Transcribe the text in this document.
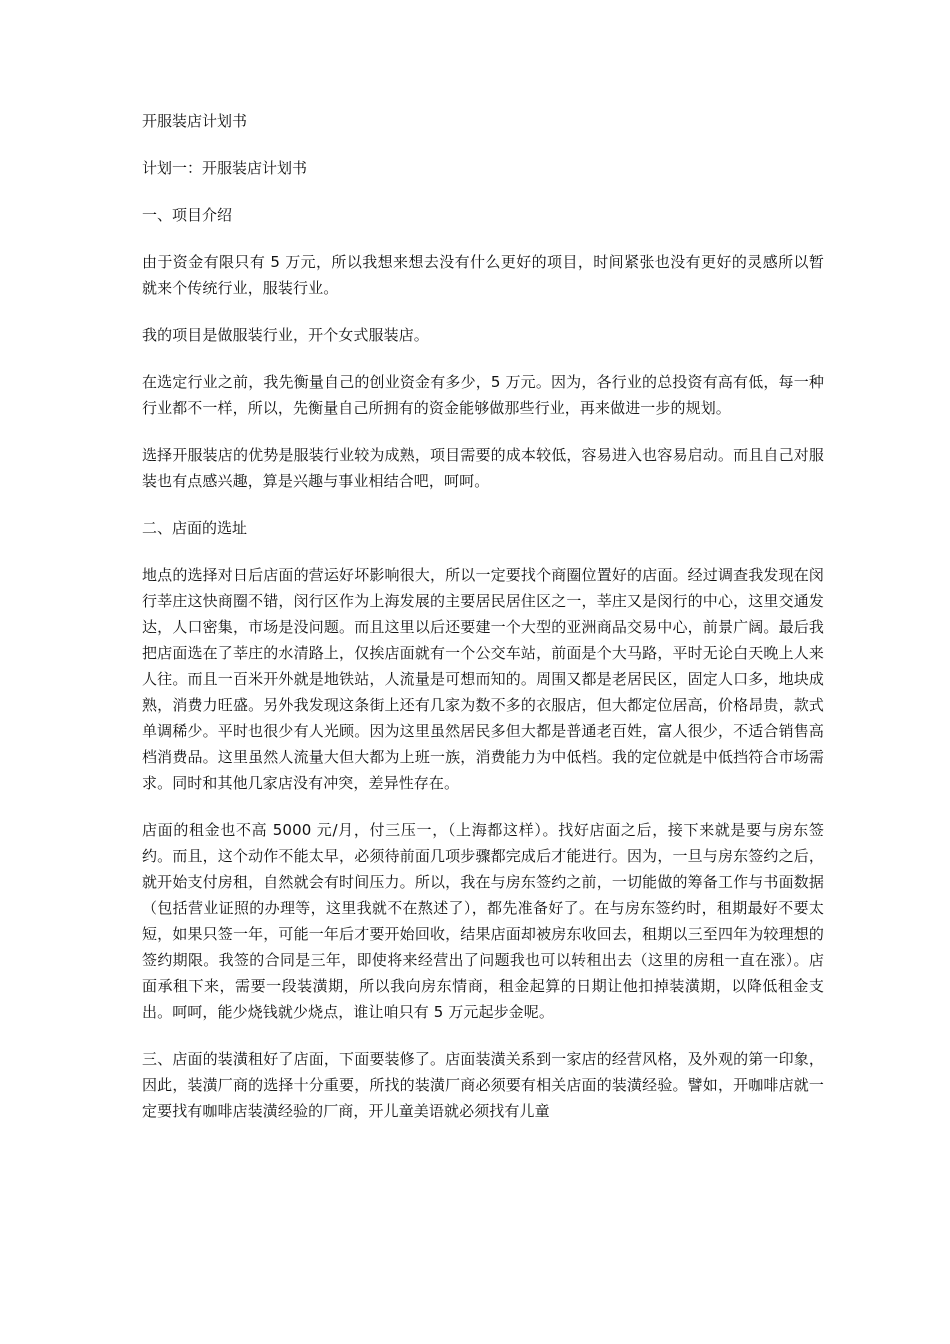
开服装店计划书

计划一：开服装店计划书

一、项目介绍

由于资金有限只有 5 万元，所以我想来想去没有什么更好的项目，时间紧张也没有更好的灵感所以暂就来个传统行业，服装行业。

我的项目是做服装行业，开个女式服装店。

在选定行业之前，我先衡量自己的创业资金有多少，5 万元。因为，各行业的总投资有高有低，每一种行业都不一样，所以，先衡量自己所拥有的资金能够做那些行业，再来做进一步的规划。

选择开服装店的优势是服装行业较为成熟，项目需要的成本较低，容易进入也容易启动。而且自己对服装也有点感兴趣，算是兴趣与事业相结合吧，呵呵。

二、店面的选址

地点的选择对日后店面的营运好坏影响很大，所以一定要找个商圈位置好的店面。经过调查我发现在闵行莘庄这快商圈不错，闵行区作为上海发展的主要居民居住区之一，莘庄又是闵行的中心，这里交通发达，人口密集，市场是没问题。而且这里以后还要建一个大型的亚洲商品交易中心，前景广阔。最后我把店面选在了莘庄的水清路上，仅挨店面就有一个公交车站，前面是个大马路，平时无论白天晚上人来人往。而且一百米开外就是地铁站，人流量是可想而知的。周围又都是老居民区，固定人口多，地块成熟，消费力旺盛。另外我发现这条街上还有几家为数不多的衣服店，但大都定位居高，价格昂贵，款式单调稀少。平时也很少有人光顾。因为这里虽然居民多但大都是普通老百姓，富人很少，不适合销售高档消费品。这里虽然人流量大但大都为上班一族，消费能力为中低档。我的定位就是中低挡符合市场需求。同时和其他几家店没有冲突，差异性存在。

店面的租金也不高 5000 元/月，付三压一，（上海都这样）。找好店面之后，接下来就是要与房东签约。而且，这个动作不能太早，必须待前面几项步骤都完成后才能进行。因为，一旦与房东签约之后，就开始支付房租，自然就会有时间压力。所以，我在与房东签约之前，一切能做的筹备工作与书面数据（包括营业证照的办理等，这里我就不在熬述了），都先准备好了。在与房东签约时，租期最好不要太短，如果只签一年，可能一年后才要开始回收，结果店面却被房东收回去，租期以三至四年为较理想的签约期限。我签的合同是三年，即使将来经营出了问题我也可以转租出去（这里的房租一直在涨）。店面承租下来，需要一段装潢期，所以我向房东情商，租金起算的日期让他扣掉装潢期，以降低租金支出。呵呵，能少烧钱就少烧点，谁让咱只有 5 万元起步金呢。

三、店面的装潢租好了店面，下面要装修了。店面装潢关系到一家店的经营风格，及外观的第一印象，因此，装潢厂商的选择十分重要，所找的装潢厂商必须要有相关店面的装潢经验。譬如，开咖啡店就一定要找有咖啡店装潢经验的厂商，开儿童美语就必须找有儿童
